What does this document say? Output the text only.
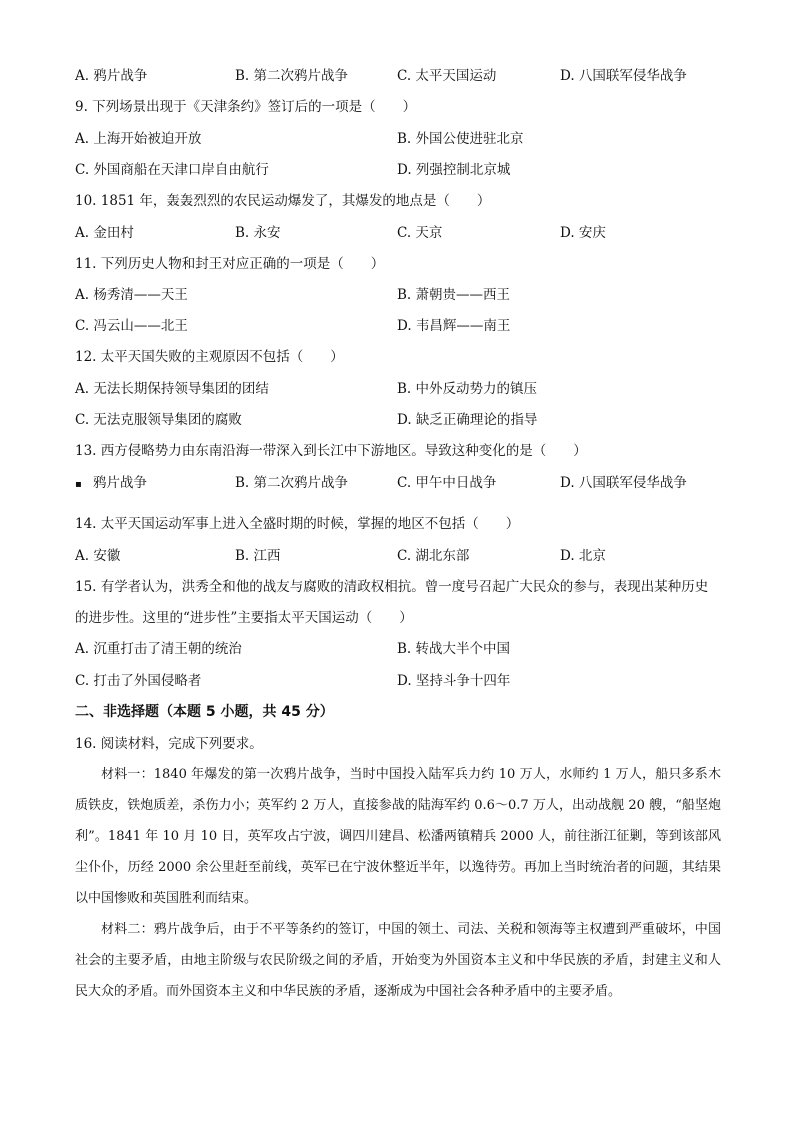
A. 鸦片战争	B. 第二次鸦片战争	C. 太平天国运动	D. 八国联军侵华战争
9. 下列场景出现于《天津条约》签订后的一项是（　　）
A. 上海开始被迫开放	B. 外国公使进驻北京
C. 外国商船在天津口岸自由航行	D. 列强控制北京城
10. 1851 年，轰轰烈烈的农民运动爆发了，其爆发的地点是（　　）
A. 金田村	B. 永安	C. 天京	D. 安庆
11. 下列历史人物和封王对应正确的一项是（　　）
A. 杨秀清——天王	B. 萧朝贵——西王
C. 冯云山——北王	D. 韦昌辉——南王
12. 太平天国失败的主观原因不包括（　　）
A. 无法长期保持领导集团的团结	B. 中外反动势力的镇压
C. 无法克服领导集团的腐败	D. 缺乏正确理论的指导
13. 西方侵略势力由东南沿海一带深入到长江中下游地区。导致这种变化的是（　　）
▪ 鸦片战争	B. 第二次鸦片战争	C. 甲午中日战争	D. 八国联军侵华战争
14. 太平天国运动军事上进入全盛时期的时候，掌握的地区不包括（　　）
A. 安徽	B. 江西	C. 湖北东部	D. 北京
15. 有学者认为，洪秀全和他的战友与腐败的清政权相抗。曾一度号召起广大民众的参与，表现出某种历史
的进步性。这里的“进步性”主要指太平天国运动（　　）
A. 沉重打击了清王朝的统治	B. 转战大半个中国
C. 打击了外国侵略者	D. 坚持斗争十四年
二、非选择题（本题 5 小题，共 45 分）
16. 阅读材料，完成下列要求。

材料一：1840 年爆发的第一次鸦片战争，当时中国投入陆军兵力约 10 万人，水师约 1 万人，船只多系木质铁皮，铁炮质差，杀伤力小；英军约 2 万人，直接参战的陆海军约 0.6～0.7 万人，出动战舰 20 艘，“船坚炮利”。1841 年 10 月 10 日，英军攻占宁波，调四川建昌、松潘两镇精兵 2000 人，前往浙江征剿，等到该部风尘仆仆，历经 2000 余公里赶至前线，英军已在宁波休整近半年，以逸待劳。再加上当时统治者的问题，其结果以中国惨败和英国胜利而结束。

材料二：鸦片战争后，由于不平等条约的签订，中国的领土、司法、关税和领海等主权遭到严重破坏，中国社会的主要矛盾，由地主阶级与农民阶级之间的矛盾，开始变为外国资本主义和中华民族的矛盾，封建主义和人民大众的矛盾。而外国资本主义和中华民族的矛盾，逐渐成为中国社会各种矛盾中的主要矛盾。
